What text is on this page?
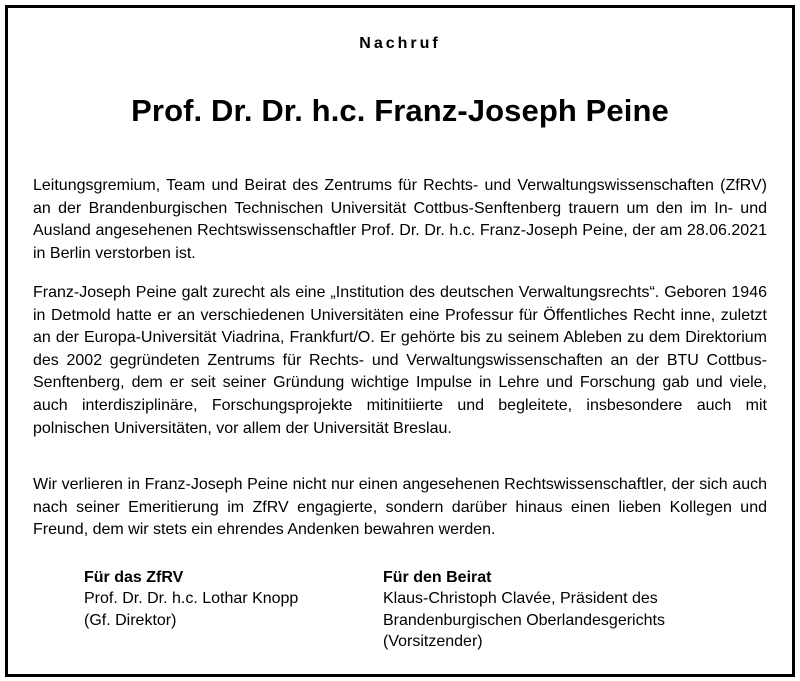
Nachruf
Prof. Dr. Dr. h.c. Franz-Joseph Peine

Leitungsgremium, Team und Beirat des Zentrums für Rechts- und Verwaltungswissenschaften (ZfRV) an der Brandenburgischen Technischen Universität Cottbus-Senftenberg trauern um den im In- und Ausland angesehenen Rechtswissenschaftler Prof. Dr. Dr. h.c. Franz-Joseph Peine, der am 28.06.2021 in Berlin verstorben ist.

Franz-Joseph Peine galt zurecht als eine „Institution des deutschen Verwaltungsrechts“. Geboren 1946 in Detmold hatte er an verschiedenen Universitäten eine Professur für Öffentliches Recht inne, zuletzt an der Europa-Universität Viadrina, Frankfurt/O. Er gehörte bis zu seinem Ableben zu dem Direktorium des 2002 gegründeten Zentrums für Rechts- und Verwaltungswissenschaften an der BTU Cottbus-Senftenberg, dem er seit seiner Gründung wichtige Impulse in Lehre und Forschung gab und viele, auch interdisziplinäre, Forschungsprojekte mitinitiierte und begleitete, insbesondere auch mit polnischen Universitäten, vor allem der Universität Breslau.

Wir verlieren in Franz-Joseph Peine nicht nur einen angesehenen Rechtswissenschaftler, der sich auch nach seiner Emeritierung im ZfRV engagierte, sondern darüber hinaus einen lieben Kollegen und Freund, dem wir stets ein ehrendes Andenken bewahren werden.

Für das ZfRV
Prof. Dr. Dr. h.c. Lothar Knopp
(Gf. Direktor)
Für den Beirat
Klaus-Christoph Clavée, Präsident des
Brandenburgischen Oberlandesgerichts
(Vorsitzender)
